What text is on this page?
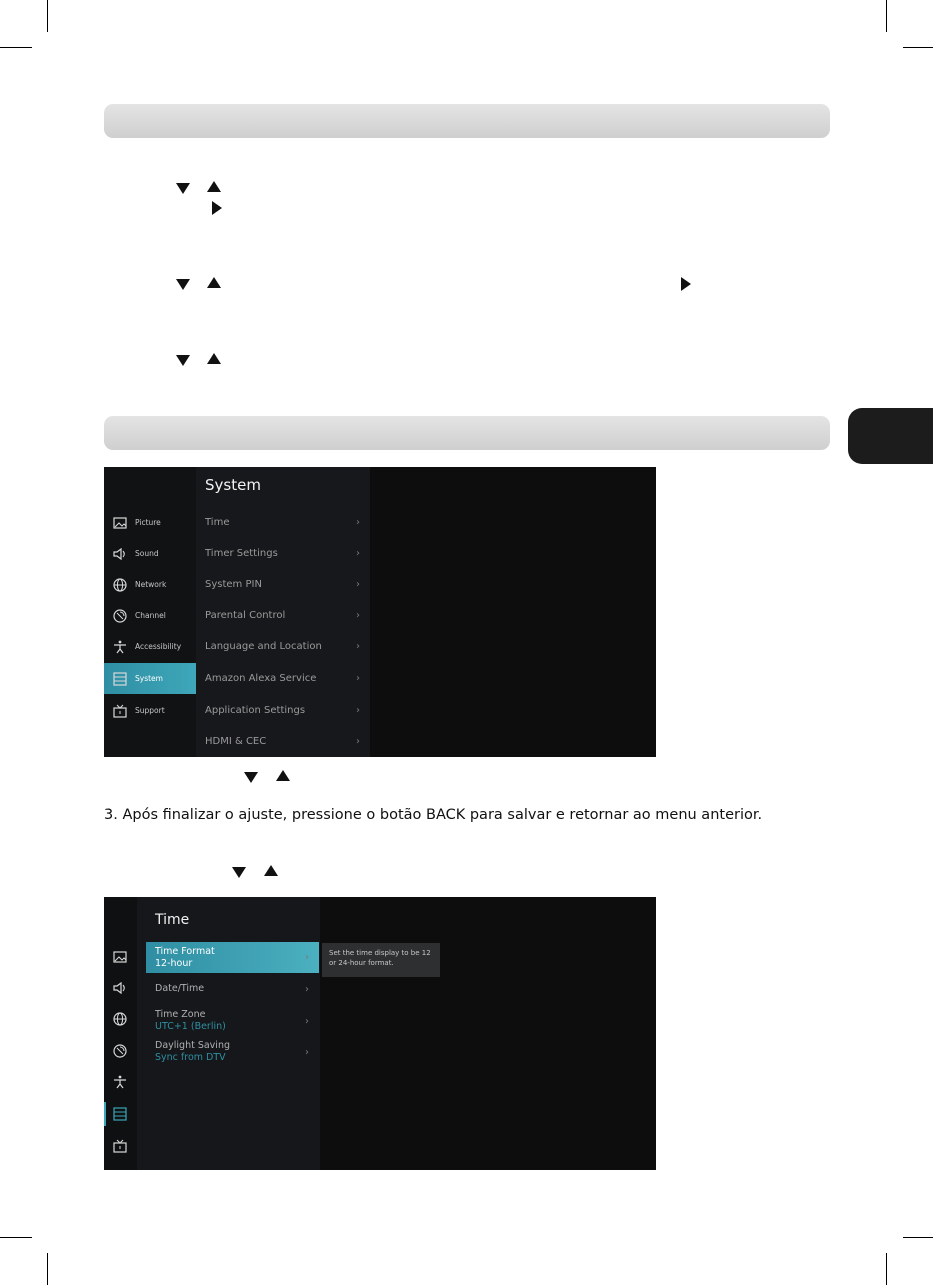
3. Após finalizar o ajuste, pressione o botão BACK para salvar e retornar ao menu anterior.
Picture
Sound
Network
Channel
Accessibility
System
Support
System
Time	›
Timer Settings	›
System PIN	›
Parental Control	›
Language and Location	›
Amazon Alexa Service	›
Application Settings	›
HDMI & CEC	›
Time
Time Format
12-hour	›
Date/Time	›
Time Zone
UTC+1 (Berlin)	›
Daylight Saving
Sync from DTV	›
Set the time display to be 12 or 24-hour format.
